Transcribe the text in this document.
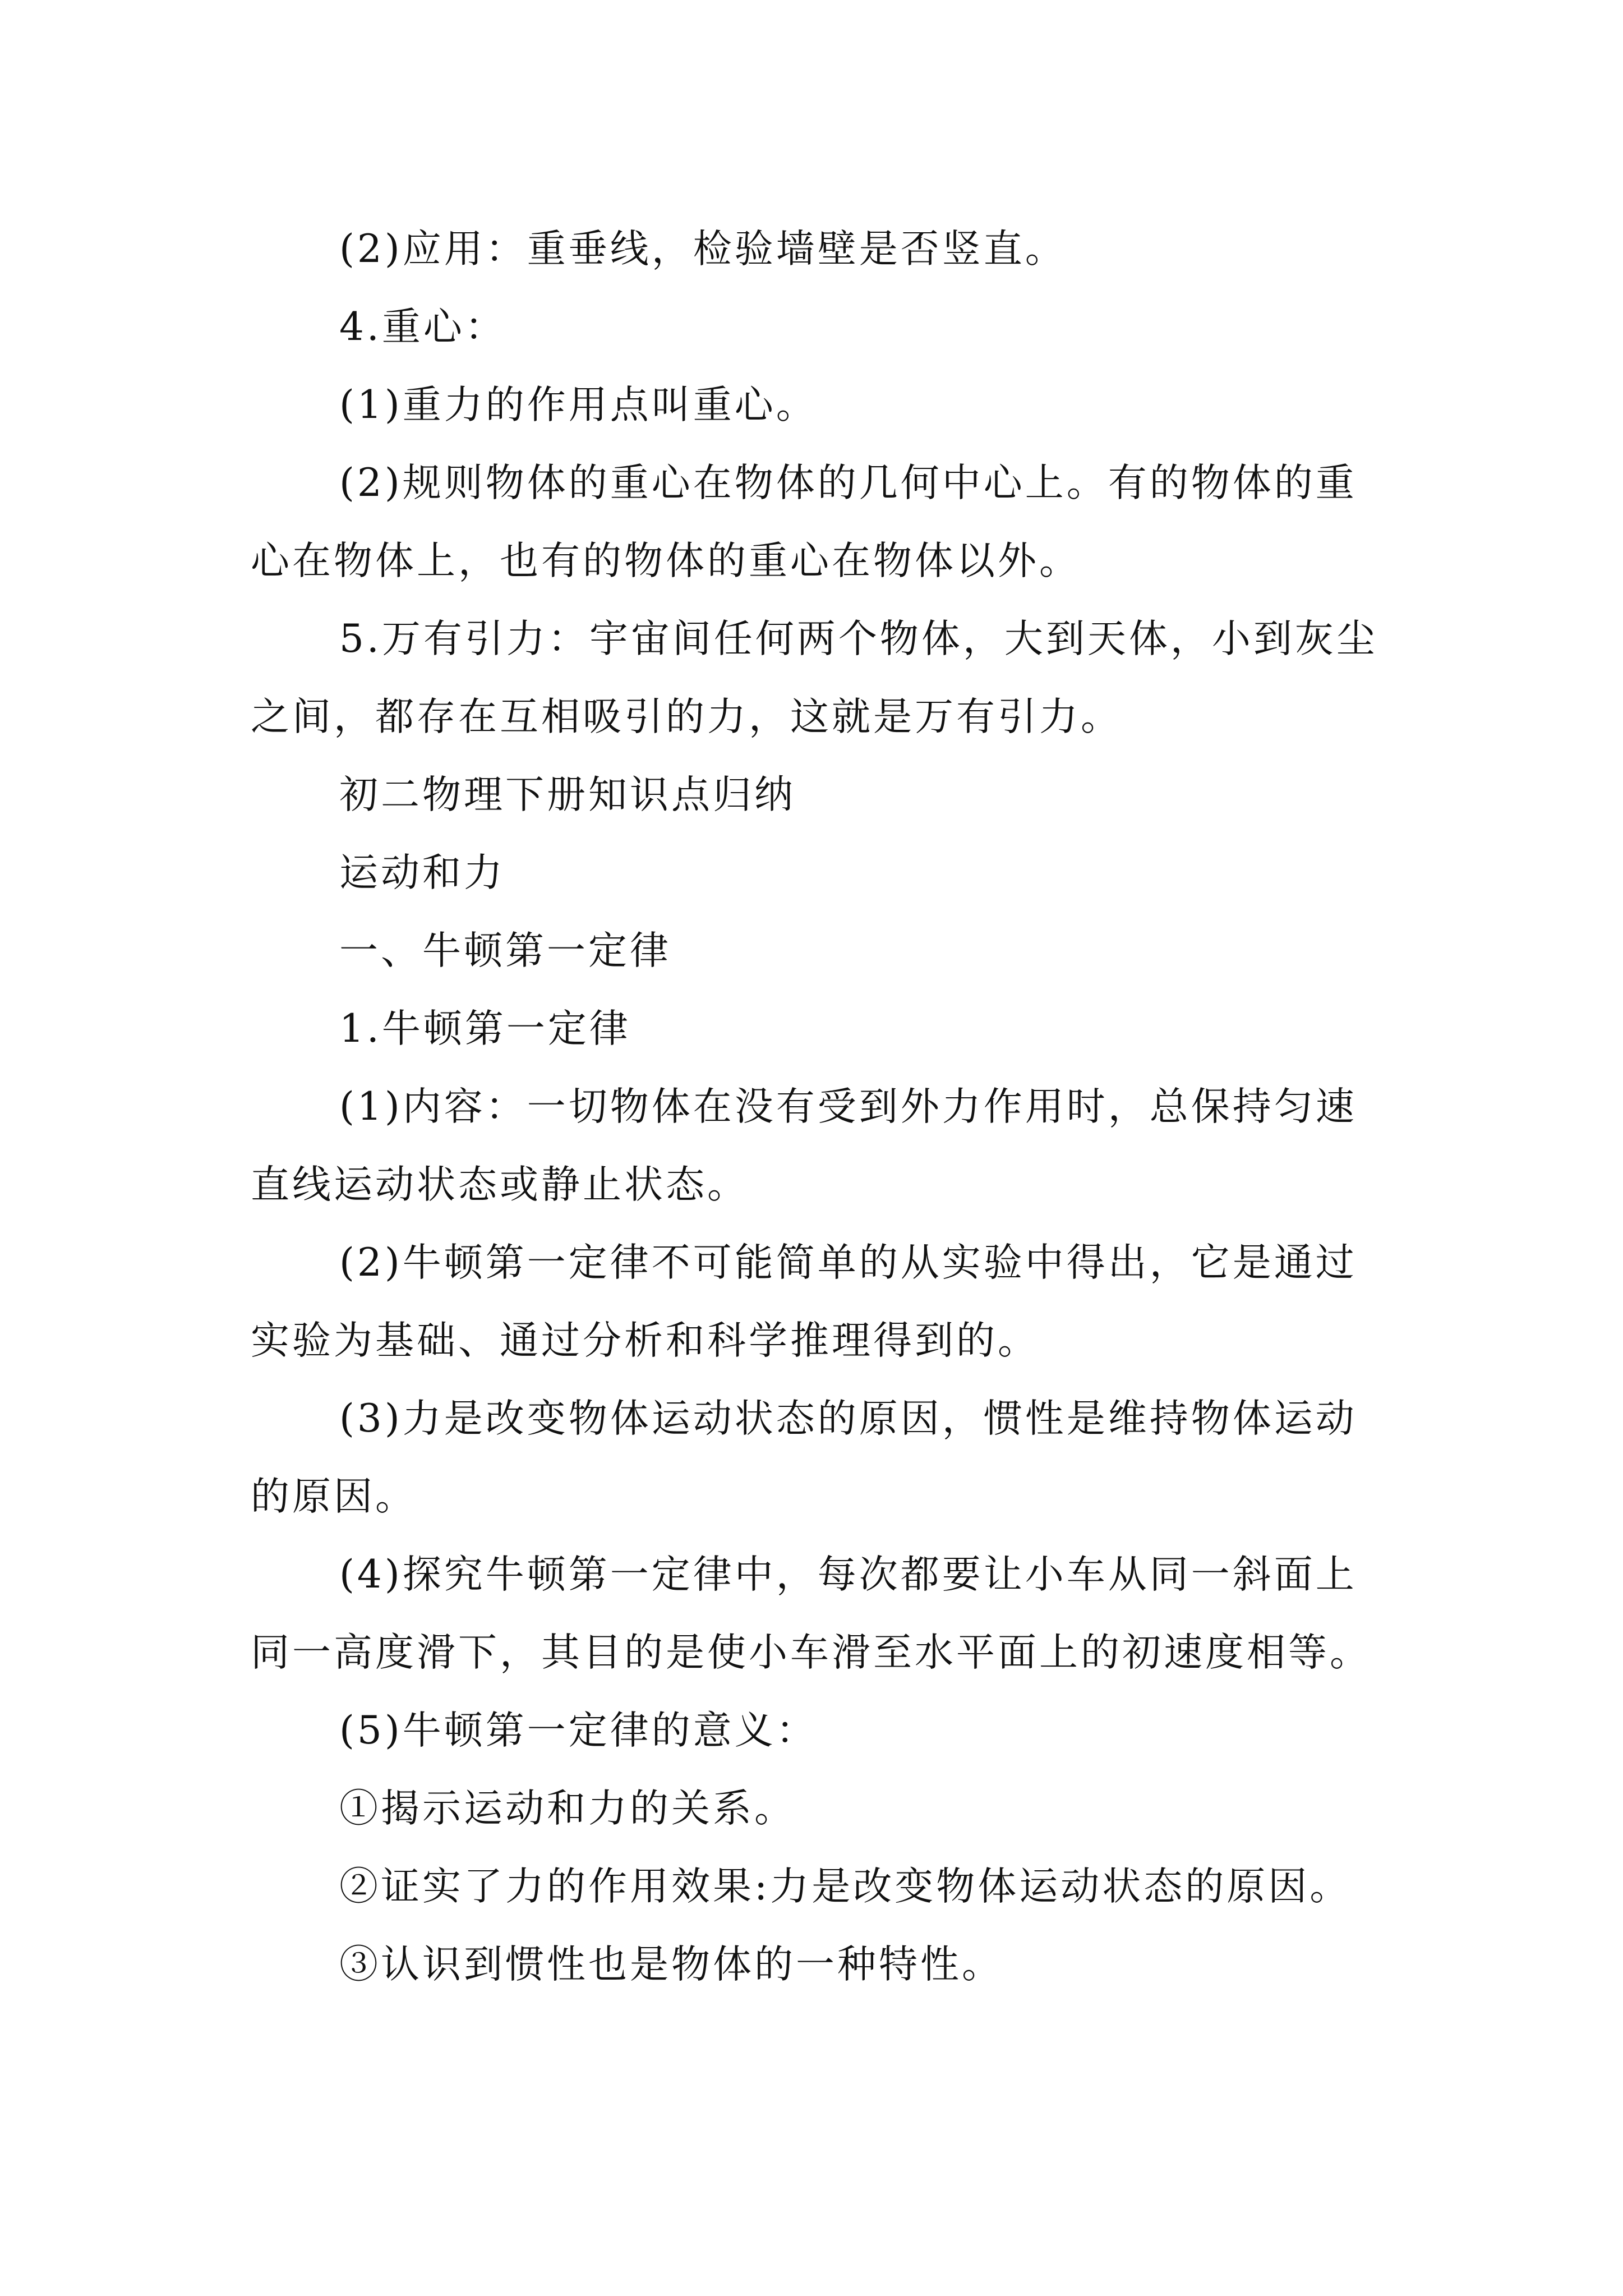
(2)应用：重垂线，检验墙壁是否竖直。

4.重心：

(1)重力的作用点叫重心。

(2)规则物体的重心在物体的几何中心上。有的物体的重心在物体上，也有的物体的重心在物体以外。

5.万有引力：宇宙间任何两个物体，大到天体，小到灰尘之间，都存在互相吸引的力，这就是万有引力。

初二物理下册知识点归纳

运动和力

一、牛顿第一定律

1.牛顿第一定律

(1)内容：一切物体在没有受到外力作用时，总保持匀速直线运动状态或静止状态。

(2)牛顿第一定律不可能简单的从实验中得出，它是通过实验为基础、通过分析和科学推理得到的。

(3)力是改变物体运动状态的原因，惯性是维持物体运动的原因。

(4)探究牛顿第一定律中，每次都要让小车从同一斜面上同一高度滑下，其目的是使小车滑至水平面上的初速度相等。

(5)牛顿第一定律的意义：

①揭示运动和力的关系。

②证实了力的作用效果:力是改变物体运动状态的原因。

③认识到惯性也是物体的一种特性。
